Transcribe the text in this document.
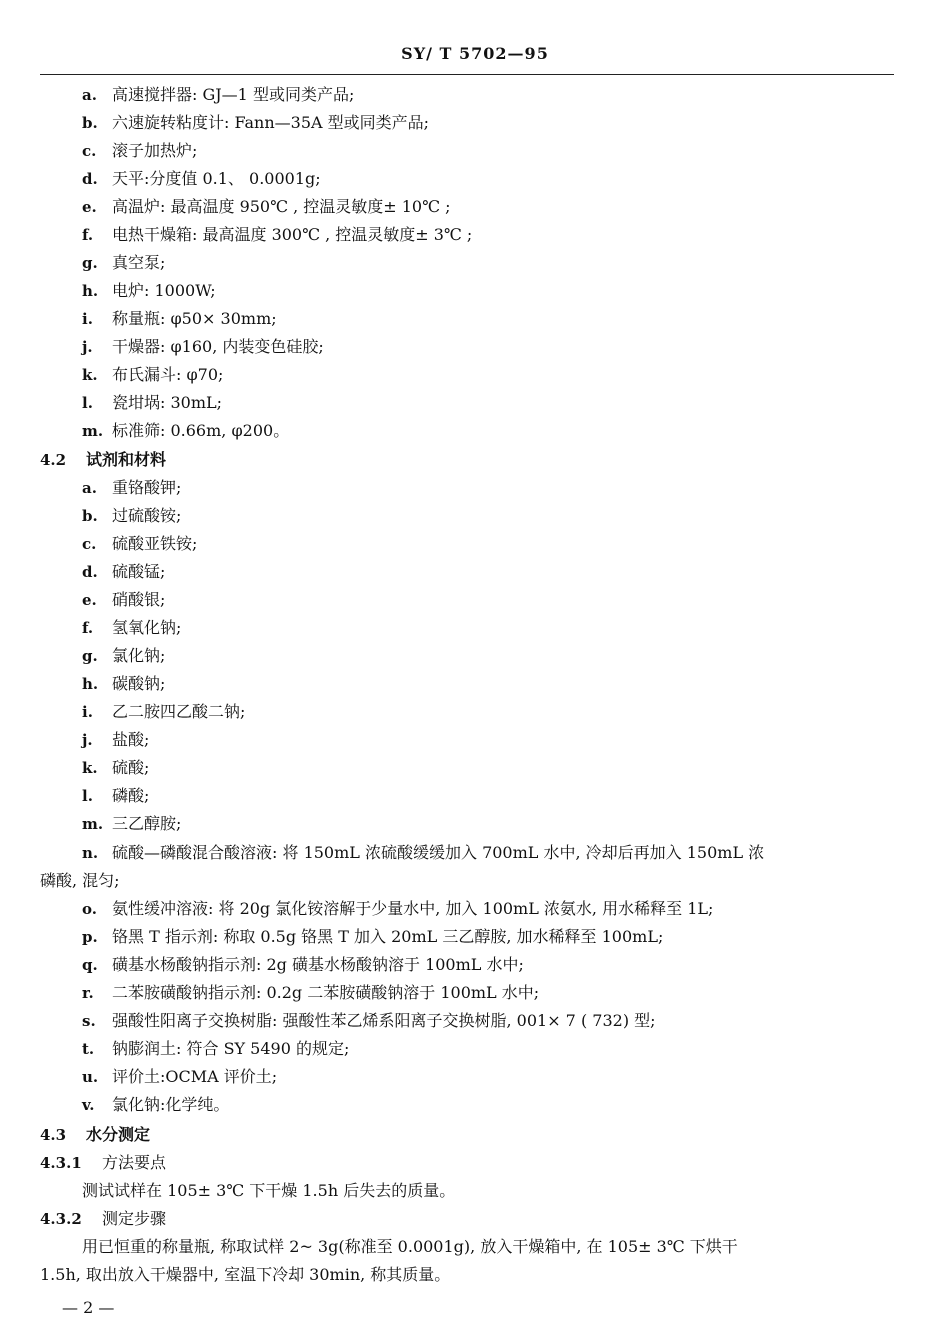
SY/ T 5702—95
a. 高速搅拌器: GJ—1 型或同类产品;
b. 六速旋转粘度计: Fann—35A 型或同类产品;
c. 滚子加热炉;
d. 天平:分度值 0.1、 0.0001g;
e. 高温炉: 最高温度 950℃ , 控温灵敏度± 10℃ ;
f. 电热干燥箱: 最高温度 300℃ , 控温灵敏度± 3℃ ;
g. 真空泵;
h. 电炉: 1000W;
i. 称量瓶: φ50× 30mm;
j. 干燥器: φ160, 内装变色硅胶;
k. 布氏漏斗: φ70;
l. 瓷坩埚: 30mL;
m. 标准筛: 0.66m, φ200。
4.2 试剂和材料
a. 重铬酸钾;
b. 过硫酸铵;
c. 硫酸亚铁铵;
d. 硫酸锰;
e. 硝酸银;
f. 氢氧化钠;
g. 氯化钠;
h. 碳酸钠;
i. 乙二胺四乙酸二钠;
j. 盐酸;
k. 硫酸;
l. 磷酸;
m. 三乙醇胺;
n. 硫酸—磷酸混合酸溶液: 将 150mL 浓硫酸缓缓加入 700mL 水中, 冷却后再加入 150mL 浓
磷酸, 混匀;
o. 氨性缓冲溶液: 将 20g 氯化铵溶解于少量水中, 加入 100mL 浓氨水, 用水稀释至 1L;
p. 铬黑 T 指示剂: 称取 0.5g 铬黑 T 加入 20mL 三乙醇胺, 加水稀释至 100mL;
q. 磺基水杨酸钠指示剂: 2g 磺基水杨酸钠溶于 100mL 水中;
r. 二苯胺磺酸钠指示剂: 0.2g 二苯胺磺酸钠溶于 100mL 水中;
s. 强酸性阳离子交换树脂: 强酸性苯乙烯系阳离子交换树脂, 001× 7 ( 732) 型;
t. 钠膨润土: 符合 SY 5490 的规定;
u. 评价土:OCMA 评价土;
v. 氯化钠:化学纯。
4.3 水分测定
4.3.1 方法要点
测试试样在 105± 3℃ 下干燥 1.5h 后失去的质量。
4.3.2 测定步骤
用已恒重的称量瓶, 称取试样 2~ 3g(称准至 0.0001g), 放入干燥箱中, 在 105± 3℃ 下烘干
1.5h, 取出放入干燥器中, 室温下冷却 30min, 称其质量。
— 2 —
